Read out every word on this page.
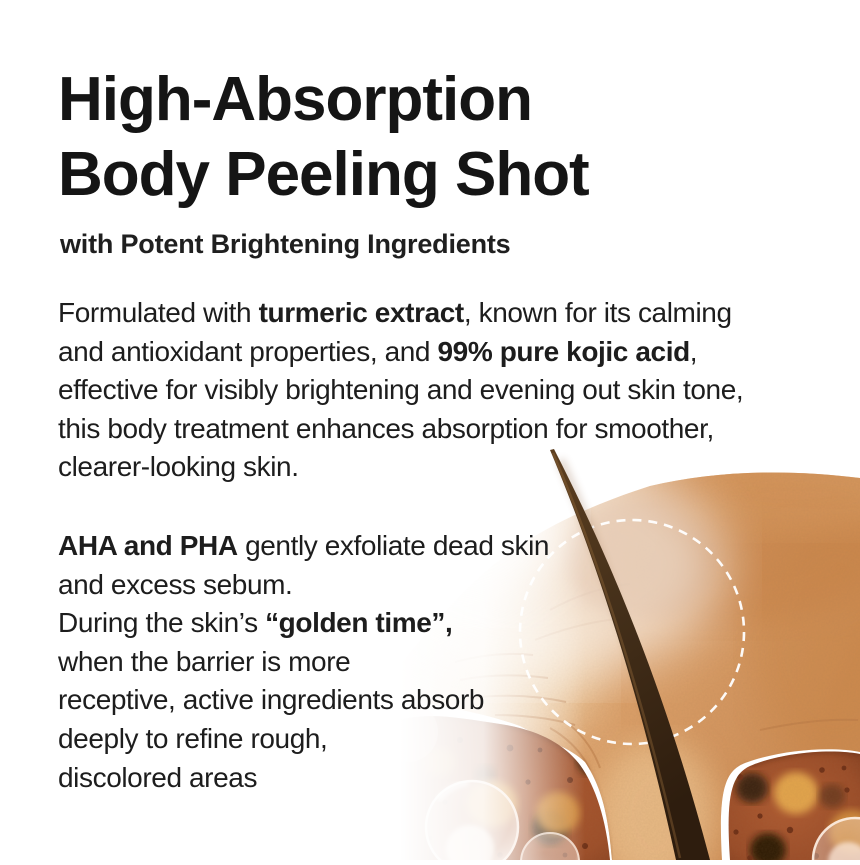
High-Absorption
Body Peeling Shot
with Potent Brightening Ingredients

Formulated with turmeric extract, known for its calming
and antioxidant properties, and 99% pure kojic acid,
effective for visibly brightening and evening out skin tone,
this body treatment enhances absorption for smoother,
clearer-looking skin.

AHA and PHA gently exfoliate dead skin
and excess sebum.
During the skin’s “golden time”,
when the barrier is more
receptive, active ingredients absorb
deeply to refine rough,
discolored areas
